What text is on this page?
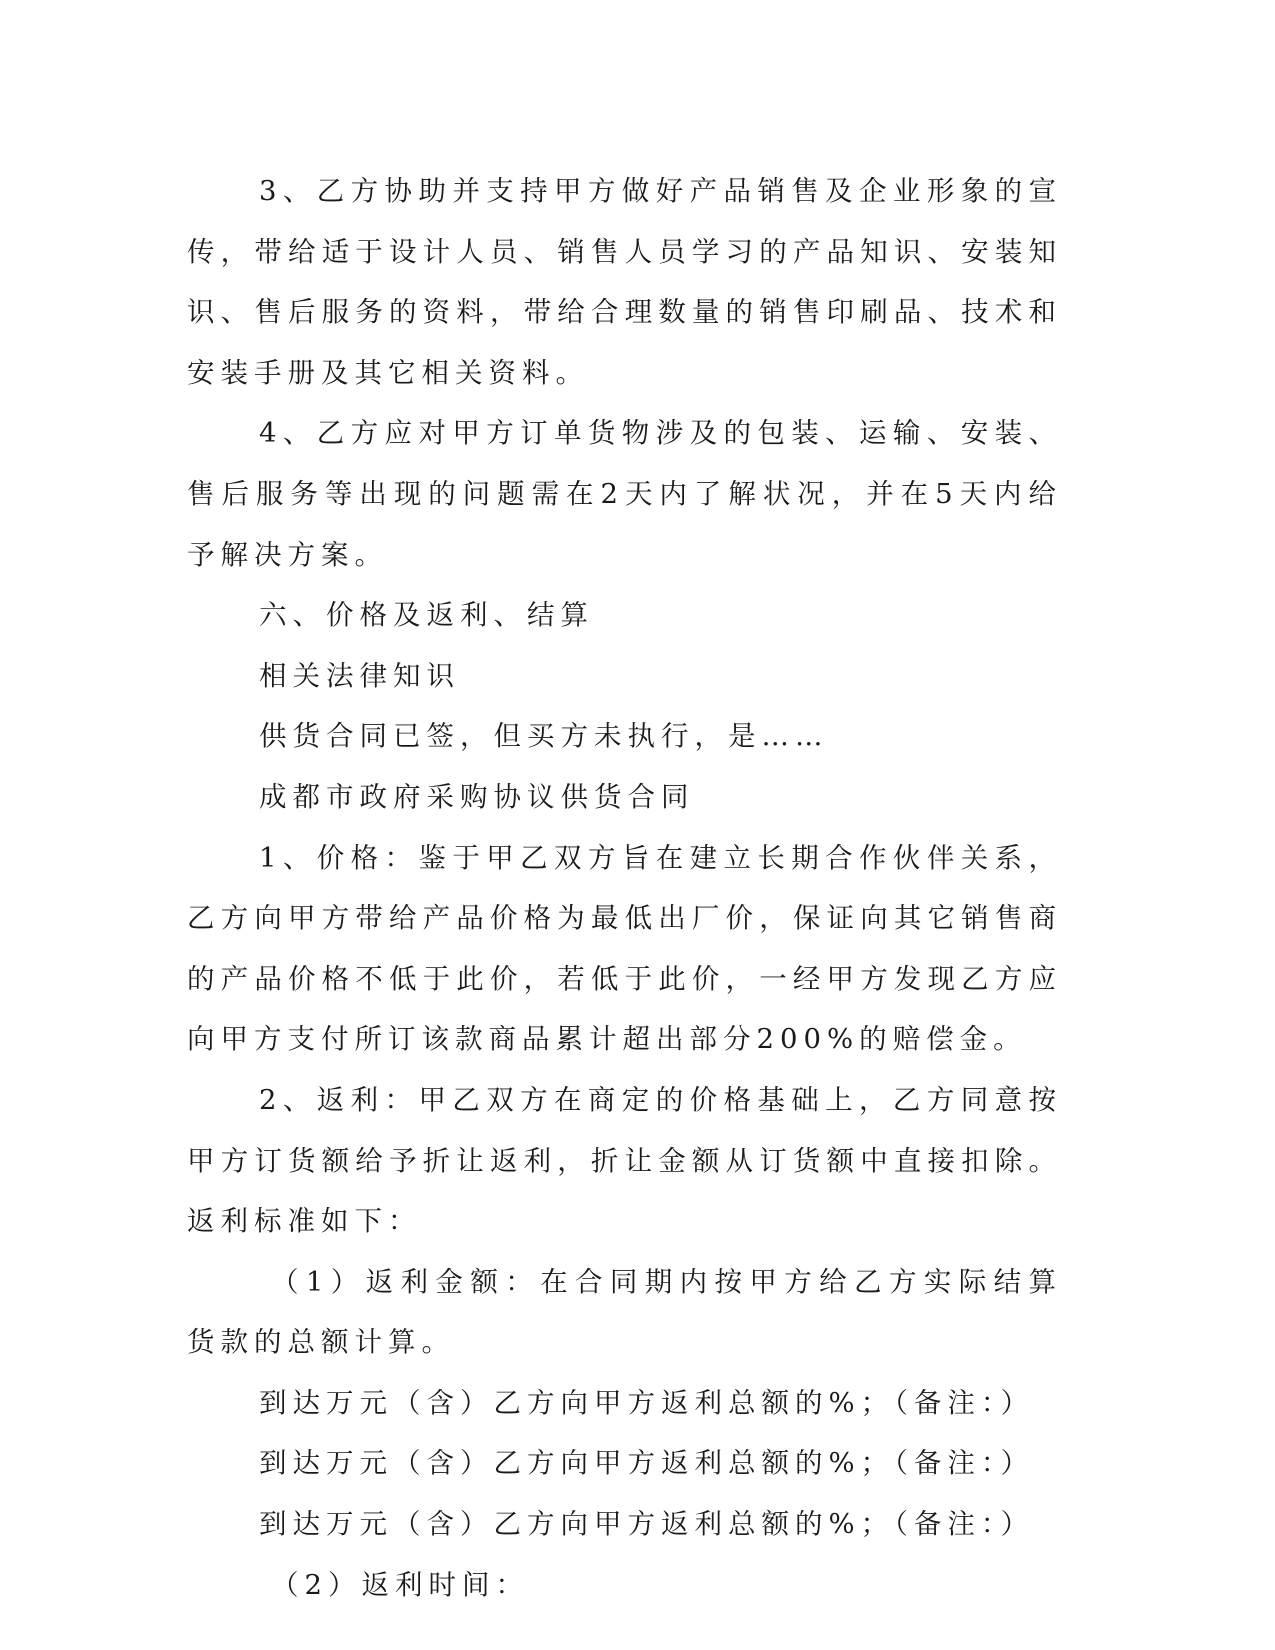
3、乙方协助并支持甲方做好产品销售及企业形象的宣传，带给适于设计人员、销售人员学习的产品知识、安装知识、售后服务的资料，带给合理数量的销售印刷品、技术和安装手册及其它相关资料。

4、乙方应对甲方订单货物涉及的包装、运输、安装、售后服务等出现的问题需在2天内了解状况，并在5天内给予解决方案。

六、价格及返利、结算

相关法律知识

供货合同已签，但买方未执行，是……

成都市政府采购协议供货合同

1、价格：鉴于甲乙双方旨在建立长期合作伙伴关系，乙方向甲方带给产品价格为最低出厂价，保证向其它销售商的产品价格不低于此价，若低于此价，一经甲方发现乙方应向甲方支付所订该款商品累计超出部分200%的赔偿金。

2、返利：甲乙双方在商定的价格基础上，乙方同意按甲方订货额给予折让返利，折让金额从订货额中直接扣除。返利标准如下：

（1）返利金额：在合同期内按甲方给乙方实际结算货款的总额计算。

到达万元（含）乙方向甲方返利总额的%；（备注：）

到达万元（含）乙方向甲方返利总额的%；（备注：）

到达万元（含）乙方向甲方返利总额的%；（备注：）

（2）返利时间：
